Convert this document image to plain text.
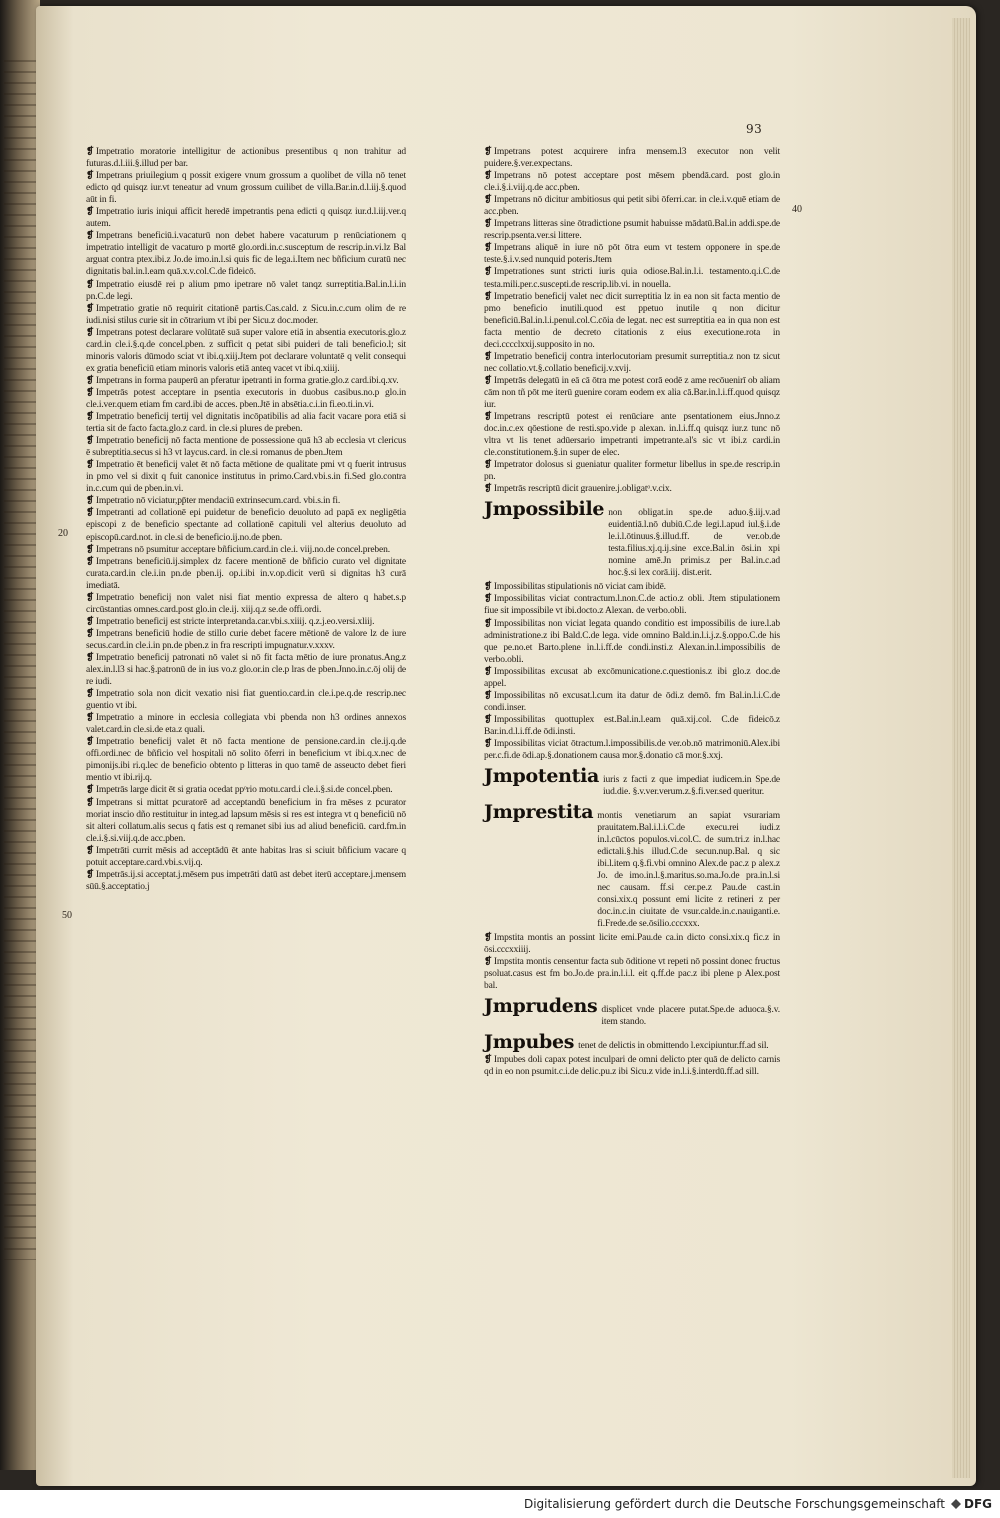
93
20
50
40

❡ Impetratio moratorie intelligitur de actionibus presentibus q non trahitur ad futuras.d.l.iii.§.illud per bar.

❡ Impetrans priuilegium q possit exigere vnum grossum a quolibet de villa nō tenet edicto qd quisqz iur.vt teneatur ad vnum grossum cuilibet de villa.Bar.in.d.l.iij.§.quod aūt in fi.

❡ Impetratio iuris iniqui afficit heredē impetrantis pena edicti q quisqz iur.d.l.iij.ver.q autem.

❡ Impetrans beneficiū.i.vacaturū non debet habere vacaturum p renūciationem q impetratio intelligit de vacaturo p mortē glo.ordi.in.c.susceptum de rescrip.in.vi.lz Bal arguat contra ptex.ibi.z Jo.de imo.in.l.si quis fic de lega.i.Item nec bñficium curatū nec dignitatis bal.in.l.eam quā.x.v.col.C.de fideicō.

❡ Impetratio eiusdē rei p alium pmo ipetrare nō valet tanqz surreptitia.Bal.in.l.i.in pn.C.de legi.

❡ Impetratio gratie nō requirit citationē partis.Cas.cald. z Sicu.in.c.cum olim de re iudi.nisi stilus curie sit in cōtrarium vt ibi per Sicu.z doc.moder.

❡ Impetrans potest declarare volūtatē suā super valore etiā in absentia executoris.glo.z card.in cle.i.§.q.de concel.pben. z sufficit q petat sibi puideri de tali beneficio.l; sit minoris valoris dūmodo sciat vt ibi.q.xiij.Jtem pot declarare voluntatē q velit consequi ex gratia beneficiū etiam minoris valoris etiā anteq vacet vt ibi.q.xiiij.

❡ Impetrans in forma pauperū an pferatur ipetranti in forma gratie.glo.z card.ibi.q.xv.

❡ Impetrās potest acceptare in psentia executoris in duobus casibus.no.p glo.in cle.i.ver.quem etiam fm card.ibi de acces. pben.Jtē in absētia.c.i.in fi.eo.ti.in.vi.

❡ Impetratio beneficij tertij vel dignitatis incōpatibilis ad alia facit vacare pora etiā si tertia sit de facto facta.glo.z card. in cle.si plures de preben.

❡ Impetratio beneficij nō facta mentione de possessione quā h3 ab ecclesia vt clericus ē subreptitia.secus si h3 vt laycus.card. in cle.si romanus de pben.Jtem

❡ Impetratio ēt beneficij valet ēt nō facta mētione de qualitate pmi vt q fuerit intrusus in pmo vel si dixit q fuit canonice institutus in primo.Card.vbi.s.in fi.Sed glo.contra in.c.cum qui de pben.in.vi.

❡ Impetratio nō viciatur,pp̄ter mendaciū extrinsecum.card. vbi.s.in fi.

❡ Impetranti ad collationē epi puidetur de beneficio deuoluto ad papā ex negligētia episcopi z de beneficio spectante ad collationē capituli vel alterius deuoluto ad episcopū.card.not. in cle.si de beneficio.ij.no.de pben.

❡ Impetrans nō psumitur acceptare bñficium.card.in cle.i. viij.no.de concel.preben.

❡ Impetrans beneficiū.ij.simplex dz facere mentionē de bñficio curato vel dignitate curata.card.in cle.i.in pn.de pben.ij. op.i.ibi in.v.op.dicit verū si dignitas h3 curā imediatā.

❡ Impetratio beneficij non valet nisi fiat mentio expressa de altero q habet.s.p circūstantias omnes.card.post glo.in cle.ij. xiij.q.z se.de offi.ordi.

❡ Impetratio beneficij est stricte interpretanda.car.vbi.s.xiiij. q.z.j.eo.versi.xliij.

❡ Impetrans beneficiū hodie de stillo curie debet facere mētionē de valore lz de iure secus.card.in cle.i.in pn.de pben.z in fra rescripti impugnatur.v.xxxv.

❡ Impetratio beneficij patronati nō valet si nō fit facta mētio de iure pronatus.Ang.z alex.in.l.l3 si hac.§.patronū de in ius vo.z glo.or.in cle.p lras de pben.Jnno.in.c.ōj olij de re iudi.

❡ Impetratio sola non dicit vexatio nisi fiat guentio.card.in cle.i.pe.q.de rescrip.nec guentio vt ibi.

❡ Impetratio a minore in ecclesia collegiata vbi pbenda non h3 ordines annexos valet.card.in cle.si.de eta.z quali.

❡ Impetratio beneficij valet ēt nō facta mentione de pensione.card.in cle.ij.q.de offi.ordi.nec de bñficio vel hospitali nō solito ōferri in beneficium vt ibi.q.x.nec de pimonijs.ibi ri.q.lec de beneficio obtento p litteras in quo tamē de asseucto debet fieri mentio vt ibi.rij.q.

❡ Impetrās large dicit ēt si gratia ocedat ppᵒrio motu.card.i cle.i.§.si.de concel.pben.

❡ Impetrans si mittat pcuratorē ad acceptandū beneficium in fra mēses z pcurator moriat inscio dño restituitur in integ.ad lapsum mēsis si res est integra vt q beneficiū nō sit alteri collatum.alis secus q fatis est q remanet sibi ius ad aliud beneficiū. card.fm.in cle.i.§.si.viij.q.de acc.pben.

❡ Impetrāti currit mēsis ad acceptādū ēt ante habitas lras si sciuit bñficium vacare q potuit acceptare.card.vbi.s.vij.q.

❡ Impetrās.ij.si acceptat.j.mēsem pus impetrāti datū ast debet iterū acceptare.j.mensem sūū.§.acceptatio.j

❡ Impetrans potest acquirere infra mensem.l3 executor non velit puidere.§.ver.expectans.

❡ Impetrans nō potest acceptare post mēsem pbendā.card. post glo.in cle.i.§.i.viij.q.de acc.pben.

❡ Impetrans nō dicitur ambitiosus qui petit sibi ōferri.car. in cle.i.v.quē etiam de acc.pben.

❡ Impetrans litteras sine ōtradictione psumit habuisse mādatū.Bal.in addi.spe.de rescrip.psenta.ver.si littere.

❡ Impetrans aliquē in iure nō pōt ōtra eum vt testem opponere in spe.de teste.§.i.v.sed nunquid poteris.Jtem

❡ Impetrationes sunt stricti iuris quia odiose.Bal.in.l.i. testamento.q.i.C.de testa.mili.per.c.suscepti.de rescrip.lib.vi. in nouella.

❡ Impetratio beneficij valet nec dicit surreptitia lz in ea non sit facta mentio de pmo beneficio inutili.quod est ppetuo inutile q non dicitur beneficiū.Bal.in.l.i.penul.col.C.cōia de legat. nec est surreptitia ea in qua non est facta mentio de decreto citationis z eius executione.rota in deci.cccclxxij.supposito in no.

❡ Impetratio beneficij contra interlocutoriam presumit surreptitia.z non tz sicut nec collatio.vt.§.collatio beneficij.v.xvij.

❡ Impetrās delegatū in eā cā ōtra me potest corā eodē z ame recōuenirī ob aliam cām non tñ pōt me iterū guenire coram eodem ex alia cā.Bar.in.l.i.ff.quod quisqz iur.

❡ Impetrans rescriptū potest ei renūciare ante psentationem eius.Jnno.z doc.in.c.ex qōestione de resti.spo.vide p alexan. in.l.i.ff.q quisqz iur.z tunc nō vltra vt lis tenet adūersario impetranti impetrante.al's sic vt ibi.z cardi.in cle.constitutionem.§.in super de elec.

❡ Impetrator dolosus si gueniatur qualiter formetur libellus in spe.de rescrip.in pn.

❡ Impetrās rescriptū dicit grauenire.j.obligatᵒ.v.cix.

Jmpossibile non obligat.in spe.de aduo.§.iij.v.ad euidentiā.l.nō dubiū.C.de legi.l.apud iul.§.i.de le.i.l.ōtinuus.§.illud.ff. de ver.ob.de testa.filius.xj.q.ij.sine exce.Bal.in ōsi.in xpi nomine amē.Jn primis.z per Bal.in.c.ad hoc.§.si lex corā.iij. dist.erit.

❡ Impossibilitas stipulationis nō viciat cam ibidē.

❡ Impossibilitas viciat contractum.l.non.C.de actio.z obli. Jtem stipulationem fiue sit impossibile vt ibi.docto.z Alexan. de verbo.obli.

❡ Impossibilitas non viciat legata quando conditio est impossibilis de iure.l.ab administratione.z ibi Bald.C.de lega. vide omnino Bald.in.l.i.j.z.§.oppo.C.de his que pe.no.et Barto.plene in.l.i.ff.de condi.insti.z Alexan.in.l.impossibilis de verbo.obli.

❡ Impossibilitas excusat ab excōmunicatione.c.questionis.z ibi glo.z doc.de appel.

❡ Impossibilitas nō excusat.l.cum ita datur de ōdi.z demō. fm Bal.in.l.i.C.de condi.inser.

❡ Impossibilitas quottuplex est.Bal.in.l.eam quā.xij.col. C.de fideicō.z Bar.in.d.l.i.ff.de ōdi.insti.

❡ Impossibilitas viciat ōtractum.l.impossibilis.de ver.ob.nō matrimoniū.Alex.ibi per.c.fi.de ōdi.ap.§.donationem causa mor.§.donatio cā mor.§.xxj.

Jmpotentia iuris z facti z que impediat iudicem.in Spe.de iud.die. §.v.ver.verum.z.§.fi.ver.sed queritur.
Jmprestita montis venetiarum an sapiat vsurariam prauitatem.Bal.i.l.i.C.de execu.rei iudi.z in.l.cūctos populos.vi.col.C. de sum.tri.z in.l.hac edictali.§.his illud.C.de secun.nup.Bal. q sic ibi.l.item q.§.fi.vbi omnino Alex.de pac.z p alex.z Jo. de imo.in.l.§.maritus.so.ma.Jo.de pra.in.l.si nec causam. ff.si cer.pe.z Pau.de cast.in consi.xix.q possunt emi licite z retineri z per doc.in.c.in ciuitate de vsur.calde.in.c.nauiganti.e. fi.Frede.de se.ōsilio.cccxxx.

❡ Impstita montis an possint licite emi.Pau.de ca.in dicto consi.xix.q fic.z in ōsi.cccxxiiij.

❡ Impstita montis censentur facta sub ōditione vt repeti nō possint donec fructus psoluat.casus est fm bo.Jo.de pra.in.l.i.l. eit q.ff.de pac.z ibi plene p Alex.post bal.

Jmprudens displicet vnde placere putat.Spe.de aduoca.§.v. item stando.
Jmpubes tenet de delictis in obmittendo l.excipiuntur.ff.ad sil.

❡ Impubes doli capax potest inculpari de omni delicto pter quā de delicto carnis qd in eo non psumit.c.i.de delic.pu.z ibi Sicu.z vide in.l.i.§.interdū.ff.ad sill.

Digitalisierung gefördert durch die Deutsche Forschungsgemeinschaft DFG
